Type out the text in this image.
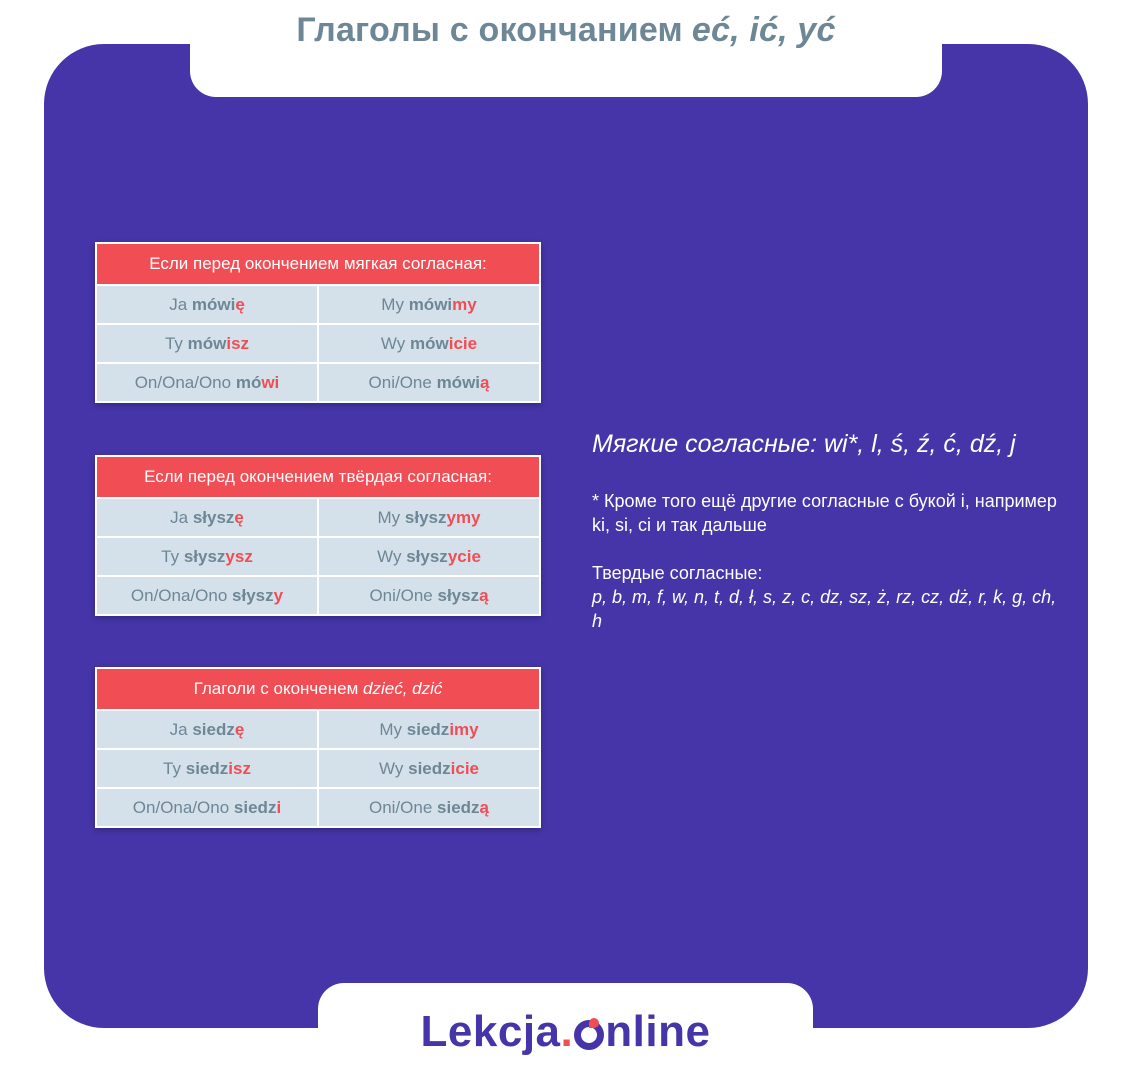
Глаголы с окончанием eć, ić, yć
Если перед окончением мягкая согласная:	
Ja mówię	My mówimy
Ty mówisz	Wy mówicie
On/Ona/Ono mówi	Oni/One mówią
Если перед окончением твёрдая согласная:	
Ja słyszę	My słyszymy
Ty słyszysz	Wy słyszycie
On/Ona/Ono słyszy	Oni/One słyszą
Глаголи с оконченем dzieć, dzić	
Ja siedzę	My siedzimy
Ty siedzisz	Wy siedzicie
On/Ona/Ono siedzi	Oni/One siedzą
Мягкие согласные: wi*, l, ś, ź, ć, dź, j
* Кроме того ещё другие согласные с букой i, например ki, si, ci и так дальше
Твердые согласные:
p, b, m, f, w, n, t, d, ł, s, z, c, dz, sz, ż, rz, cz, dż, r, k, g, ch, h
Lekcja. nline
